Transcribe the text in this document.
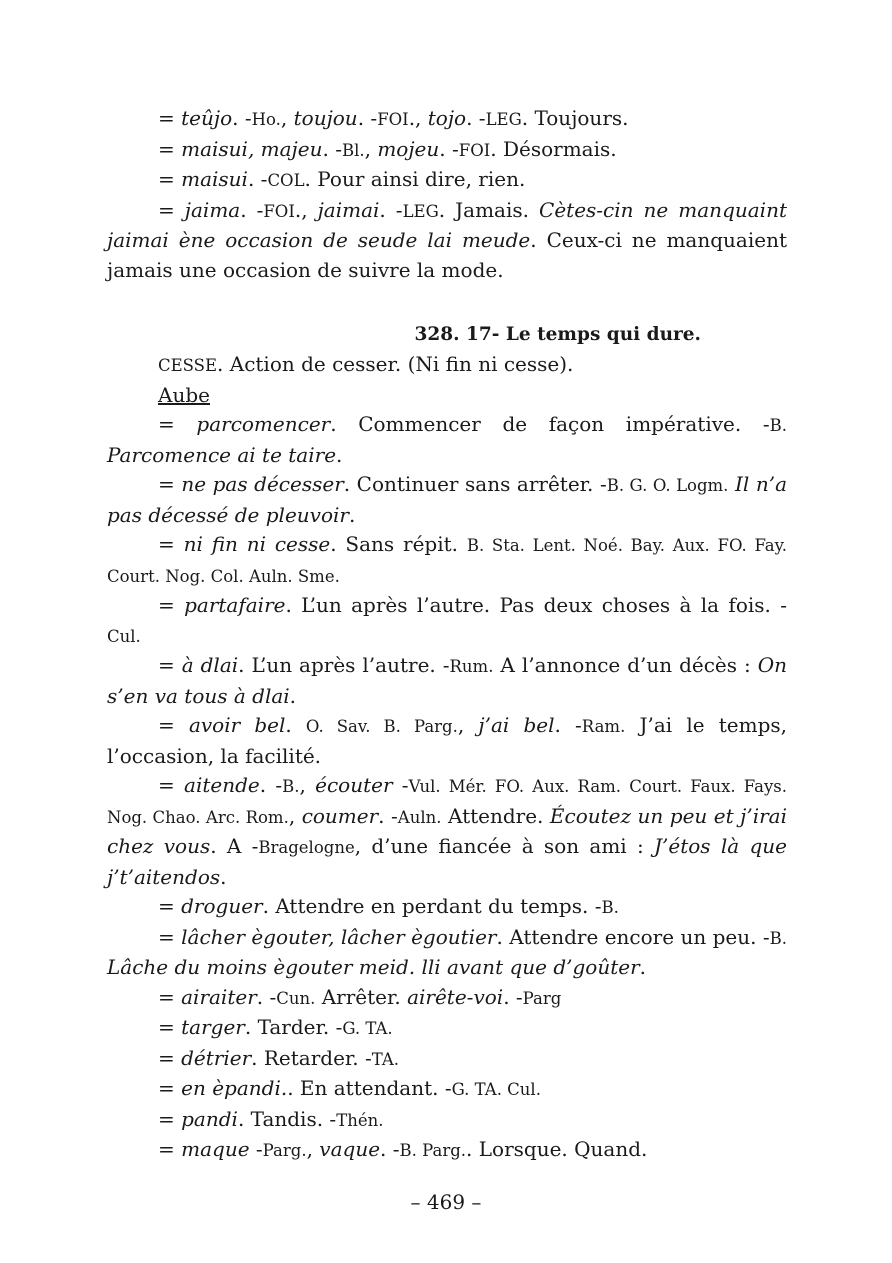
= teûjo. -Ho., toujou. -FOI., tojo. -LEG. Toujours.

= maisui, majeu. -Bl., mojeu. -FOI. Désormais.

= maisui. -COL. Pour ainsi dire, rien.

= jaima. -FOI., jaimai. -LEG. Jamais. Cètes-cin ne manquaint jaimai ène occasion de seude lai meude. Ceux-ci ne manquaient jamais une occasion de suivre la mode.

328. 17- Le temps qui dure.

CESSE. Action de cesser. (Ni fin ni cesse).

Aube

= parcomencer. Commencer de façon impérative. -B. Parcomence ai te taire.

= ne pas décesser. Continuer sans arrêter. -B. G. O. Logm. Il n’a pas décessé de pleuvoir.

= ni fin ni cesse. Sans répit. B. Sta. Lent. Noé. Bay. Aux. FO. Fay. Court. Nog. Col. Auln. Sme.

= partafaire. L’un après l’autre. Pas deux choses à la fois. -Cul.

= à dlai. L’un après l’autre. -Rum. A l’annonce d’un décès : On s’en va tous à dlai.

= avoir bel. O. Sav. B. Parg., j’ai bel. -Ram. J’ai le temps, l’occasion, la facilité.

= aitende. -B., écouter -Vul. Mér. FO. Aux. Ram. Court. Faux. Fays. Nog. Chao. Arc. Rom., coumer. -Auln. Attendre. Écoutez un peu et j’irai chez vous. A -Bragelogne, d’une fiancée à son ami : J’étos là que j’t’aitendos.

= droguer. Attendre en perdant du temps. -B.

= lâcher ègouter, lâcher ègoutier. Attendre encore un peu. -B. Lâche du moins ègouter meid. lli avant que d’goûter.

= airaiter. -Cun. Arrêter. airête-voi. -Parg

= targer. Tarder. -G. TA.

= détrier. Retarder. -TA.

= en èpandi.. En attendant. -G. TA. Cul.

= pandi. Tandis. -Thén.

= maque -Parg., vaque. -B. Parg.. Lorsque. Quand.

– 469 –
